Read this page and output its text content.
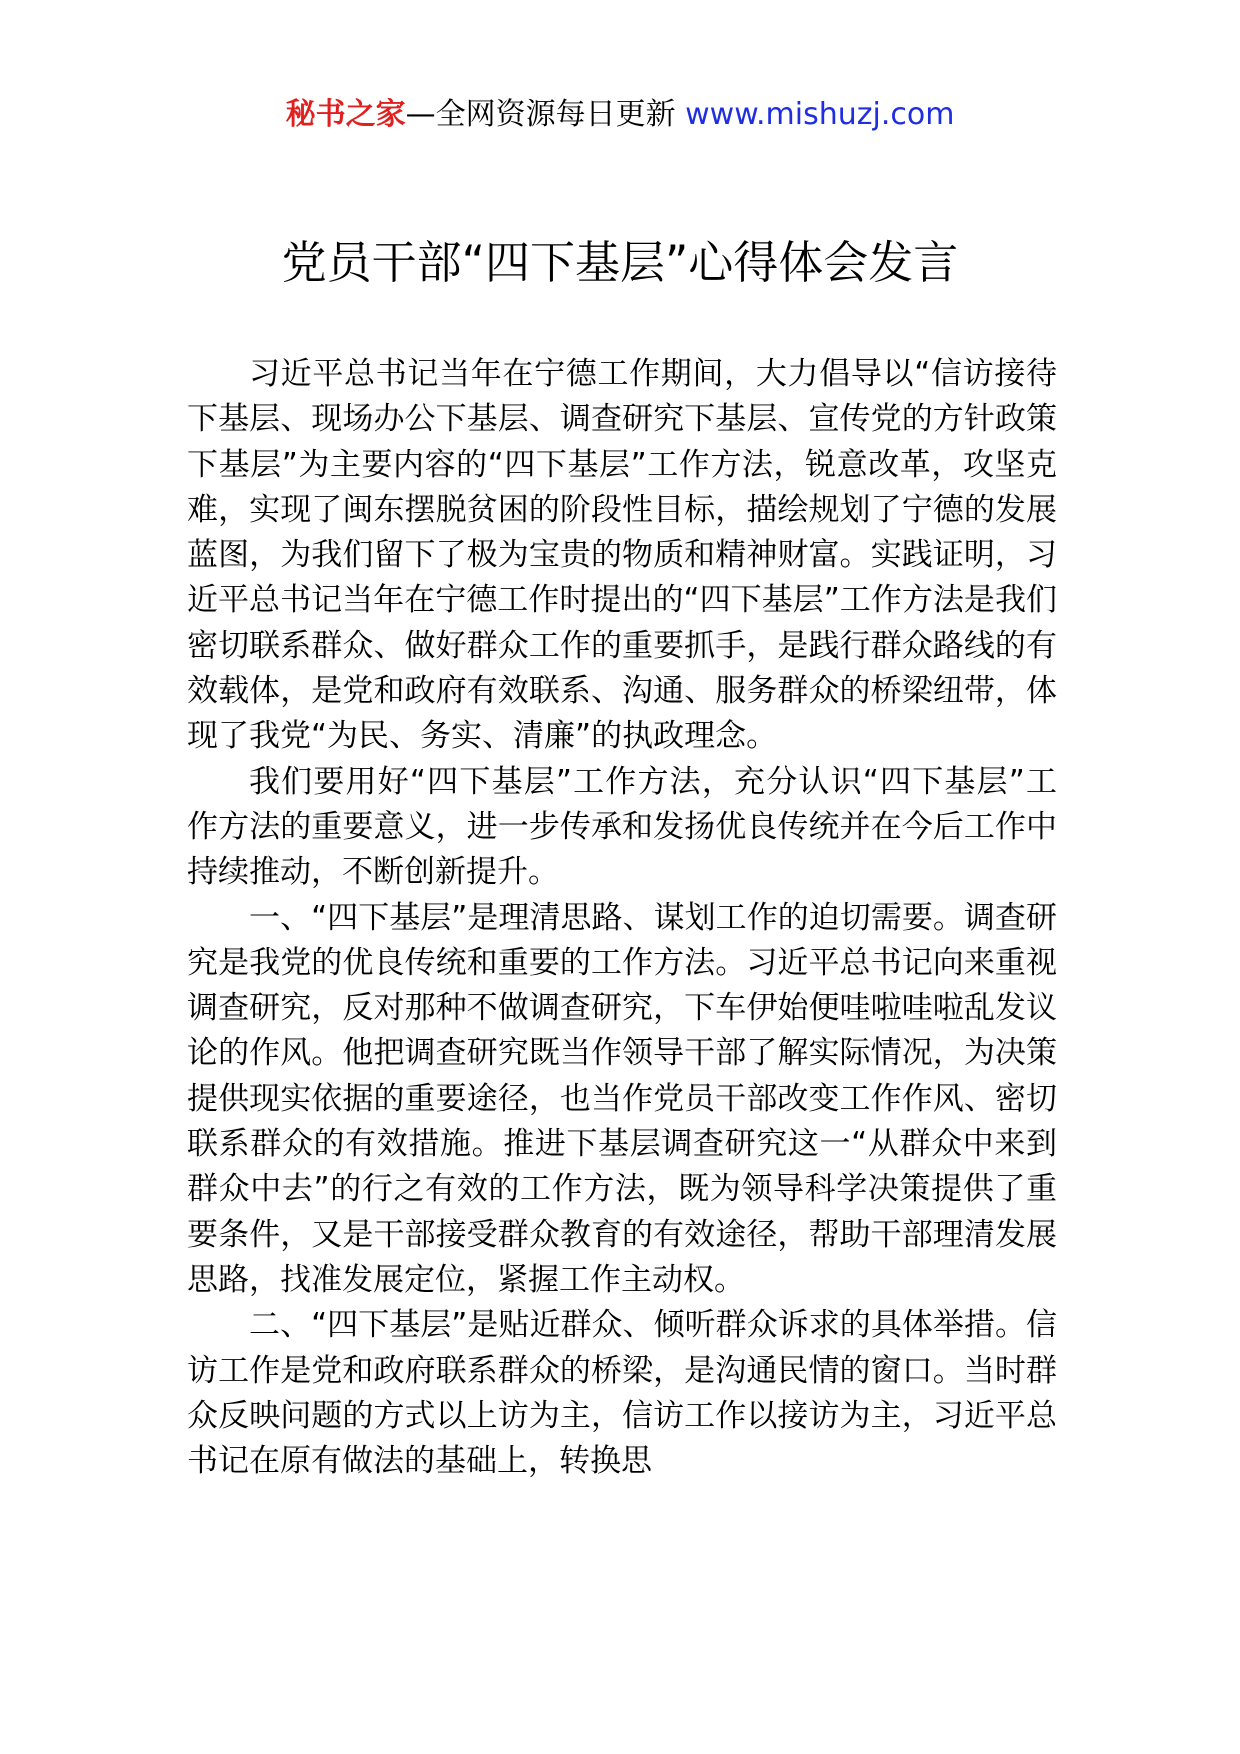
秘书之家—全网资源每日更新 www.mishuzj.com
党员干部“四下基层”心得体会发言

习近平总书记当年在宁德工作期间，大力倡导以“信访接待下基层、现场办公下基层、调查研究下基层、宣传党的方针政策下基层”为主要内容的“四下基层”工作方法，锐意改革，攻坚克难，实现了闽东摆脱贫困的阶段性目标，描绘规划了宁德的发展蓝图，为我们留下了极为宝贵的物质和精神财富。实践证明，习近平总书记当年在宁德工作时提出的“四下基层”工作方法是我们密切联系群众、做好群众工作的重要抓手，是践行群众路线的有效载体，是党和政府有效联系、沟通、服务群众的桥梁纽带，体现了我党“为民、务实、清廉”的执政理念。

我们要用好“四下基层”工作方法，充分认识“四下基层”工作方法的重要意义，进一步传承和发扬优良传统并在今后工作中持续推动，不断创新提升。

一、“四下基层”是理清思路、谋划工作的迫切需要。调查研究是我党的优良传统和重要的工作方法。习近平总书记向来重视调查研究，反对那种不做调查研究，下车伊始便哇啦哇啦乱发议论的作风。他把调查研究既当作领导干部了解实际情况，为决策提供现实依据的重要途径，也当作党员干部改变工作作风、密切联系群众的有效措施。推进下基层调查研究这一“从群众中来到群众中去”的行之有效的工作方法，既为领导科学决策提供了重要条件，又是干部接受群众教育的有效途径，帮助干部理清发展思路，找准发展定位，紧握工作主动权。

二、“四下基层”是贴近群众、倾听群众诉求的具体举措。信访工作是党和政府联系群众的桥梁，是沟通民情的窗口。当时群众反映问题的方式以上访为主，信访工作以接访为主，习近平总书记在原有做法的基础上，转换思
